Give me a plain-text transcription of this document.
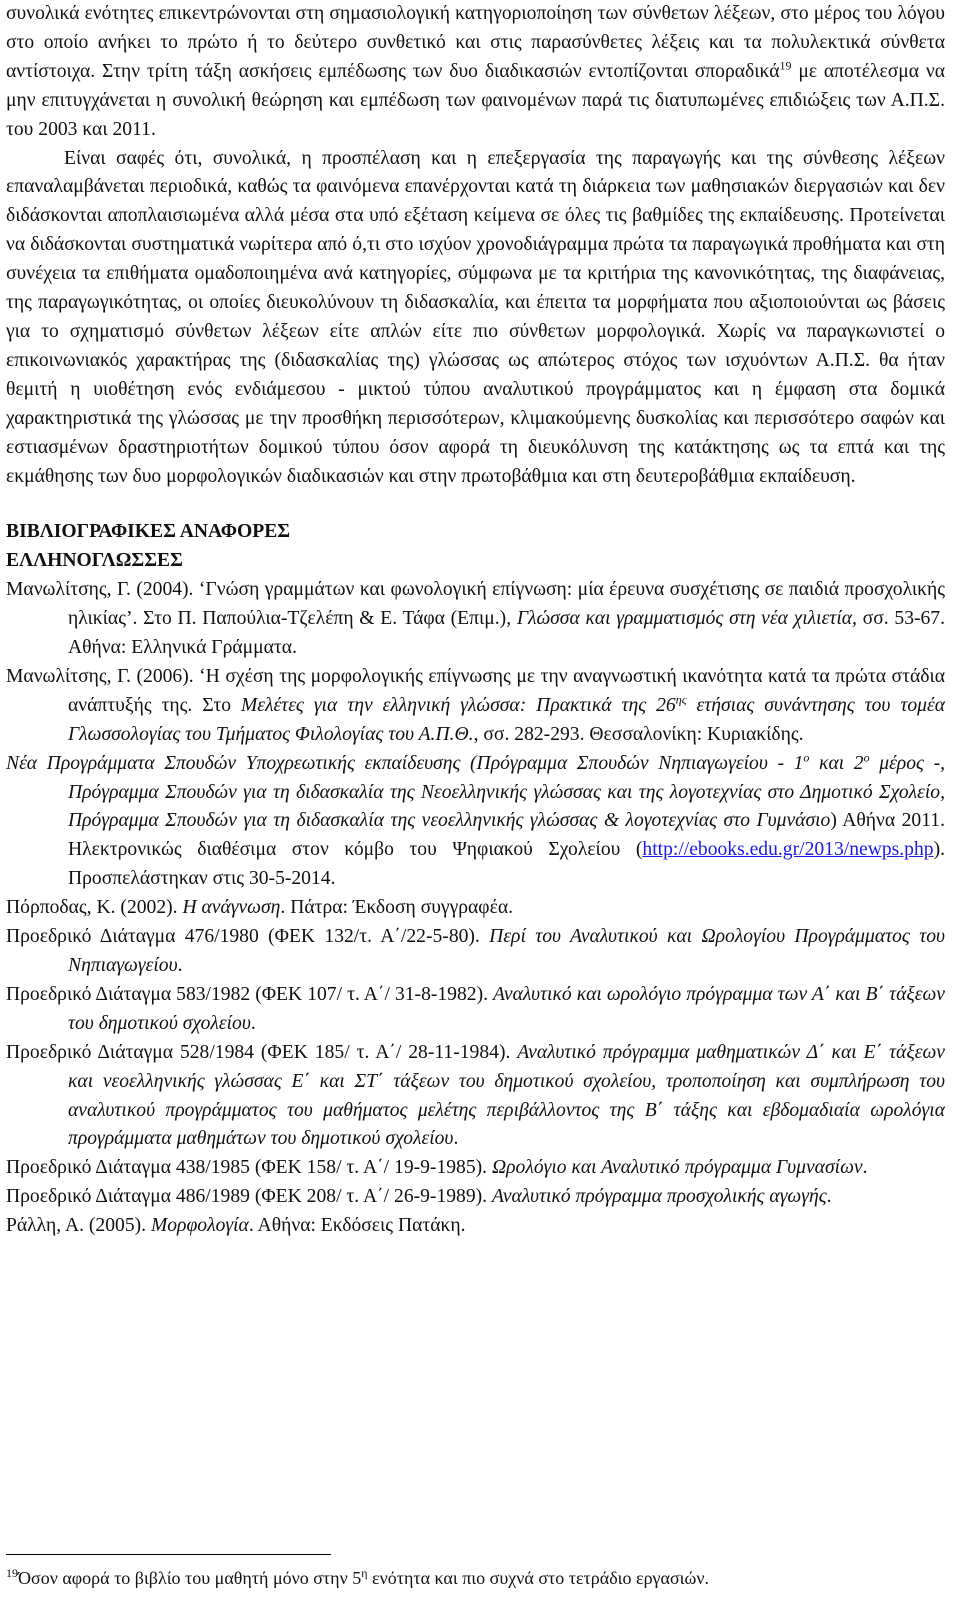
συνολικά ενότητες επικεντρώνονται στη σημασιολογική κατηγοριοποίηση των σύνθετων λέξεων, στο μέρος του λόγου στο οποίο ανήκει το πρώτο ή το δεύτερο συνθετικό και στις παρασύνθετες λέξεις και τα πολυλεκτικά σύνθετα αντίστοιχα. Στην τρίτη τάξη ασκήσεις εμπέδωσης των δυο διαδικασιών εντοπίζονται σποραδικά$^{19}$ με αποτέλεσμα να μην επιτυγχάνεται η συνολική θεώρηση και εμπέδωση των φαινομένων παρά τις διατυπωμένες επιδιώξεις των Α.Π.Σ. του 2003 και 2011.

Είναι σαφές ότι, συνολικά, η προσπέλαση και η επεξεργασία της παραγωγής και της σύνθεσης λέξεων επαναλαμβάνεται περιοδικά, καθώς τα φαινόμενα επανέρχονται κατά τη διάρκεια των μαθησιακών διεργασιών και δεν διδάσκονται αποπλαισιωμένα αλλά μέσα στα υπό εξέταση κείμενα σε όλες τις βαθμίδες της εκπαίδευσης. Προτείνεται να διδάσκονται συστηματικά νωρίτερα από ό,τι στο ισχύον χρονοδιάγραμμα πρώτα τα παραγωγικά προθήματα και στη συνέχεια τα επιθήματα ομαδοποιημένα ανά κατηγορίες, σύμφωνα με τα κριτήρια της κανονικότητας, της διαφάνειας, της παραγωγικότητας, οι οποίες διευκολύνουν τη διδασκαλία, και έπειτα τα μορφήματα που αξιοποιούνται ως βάσεις για το σχηματισμό σύνθετων λέξεων είτε απλών είτε πιο σύνθετων μορφολογικά. Χωρίς να παραγκωνιστεί ο επικοινωνιακός χαρακτήρας της (διδασκαλίας της) γλώσσας ως απώτερος στόχος των ισχυόντων Α.Π.Σ. θα ήταν θεμιτή η υιοθέτηση ενός ενδιάμεσου - μικτού τύπου αναλυτικού προγράμματος και η έμφαση στα δομικά χαρακτηριστικά της γλώσσας με την προσθήκη περισσότερων, κλιμακούμενης δυσκολίας και περισσότερο σαφών και εστιασμένων δραστηριοτήτων δομικού τύπου όσον αφορά τη διευκόλυνση της κατάκτησης ως τα επτά και της εκμάθησης των δυο μορφολογικών διαδικασιών και στην πρωτοβάθμια και στη δευτεροβάθμια εκπαίδευση.

ΒΙΒΛΙΟΓΡΑΦΙΚΕΣ ΑΝΑΦΟΡΕΣ

ΕΛΛΗΝΟΓΛΩΣΣΕΣ

Μανωλίτσης, Γ. (2004). ‘Γνώση γραμμάτων και φωνολογική επίγνωση: μία έρευνα συσχέτισης σε παιδιά προσχολικής ηλικίας’. Στο Π. Παπούλια-Τζελέπη & Ε. Τάφα (Επιμ.), Γλώσσα και γραμματισμός στη νέα χιλιετία, σσ. 53-67. Αθήνα: Ελληνικά Γράμματα.

Μανωλίτσης, Γ. (2006). ‘Η σχέση της μορφολογικής επίγνωσης με την αναγνωστική ικανότητα κατά τα πρώτα στάδια ανάπτυξής της. Στο Μελέτες για την ελληνική γλώσσα: Πρακτικά της $26^{\eta\varsigma}$ ετήσιας συνάντησης του τομέα Γλωσσολογίας του Τμήματος Φιλολογίας του Α.Π.Θ., σσ. 282-293. Θεσσαλονίκη: Κυριακίδης.

Νέα Προγράμματα Σπουδών Υποχρεωτικής εκπαίδευσης (Πρόγραμμα Σπουδών Νηπιαγωγείου - $1^o$ και $2^o$ μέρος -, Πρόγραμμα Σπουδών για τη διδασκαλία της Νεοελληνικής γλώσσας και της λογοτεχνίας στο Δημοτικό Σχολείο, Πρόγραμμα Σπουδών για τη διδασκαλία της νεοελληνικής γλώσσας & λογοτεχνίας στο Γυμνάσιο) Αθήνα 2011. Ηλεκτρονικώς διαθέσιμα στον κόμβο του Ψηφιακού Σχολείου (http://ebooks.edu.gr/2013/newps.php). Προσπελάστηκαν στις 30-5-2014.

Πόρποδας, Κ. (2002). Η ανάγνωση. Πάτρα: Έκδοση συγγραφέα.

Προεδρικό Διάταγμα 476/1980 (ΦΕΚ 132/τ. Α΄/22-5-80). Περί του Αναλυτικού και Ωρολογίου Προγράμματος του Νηπιαγωγείου.

Προεδρικό Διάταγμα 583/1982 (ΦΕΚ 107/ τ. Α΄/ 31-8-1982). Αναλυτικό και ωρολόγιο πρόγραμμα των Α΄ και Β΄ τάξεων του δημοτικού σχολείου.

Προεδρικό Διάταγμα 528/1984 (ΦΕΚ 185/ τ. Α΄/ 28-11-1984). Αναλυτικό πρόγραμμα μαθηματικών Δ΄ και Ε΄ τάξεων και νεοελληνικής γλώσσας Ε΄ και ΣΤ΄ τάξεων του δημοτικού σχολείου, τροποποίηση και συμπλήρωση του αναλυτικού προγράμματος του μαθήματος μελέτης περιβάλλοντος της Β΄ τάξης και εβδομαδιαία ωρολόγια προγράμματα μαθημάτων του δημοτικού σχολείου.

Προεδρικό Διάταγμα 438/1985 (ΦΕΚ 158/ τ. Α΄/ 19-9-1985). Ωρολόγιο και Αναλυτικό πρόγραμμα Γυμνασίων.

Προεδρικό Διάταγμα 486/1989 (ΦΕΚ 208/ τ. Α΄/ 26-9-1989). Αναλυτικό πρόγραμμα προσχολικής αγωγής.

Ράλλη, Α. (2005). Μορφολογία. Αθήνα: Εκδόσεις Πατάκη.

$^{19}$Όσον αφορά το βιβλίο του μαθητή μόνο στην $5^\eta$ ενότητα και πιο συχνά στο τετράδιο εργασιών.
